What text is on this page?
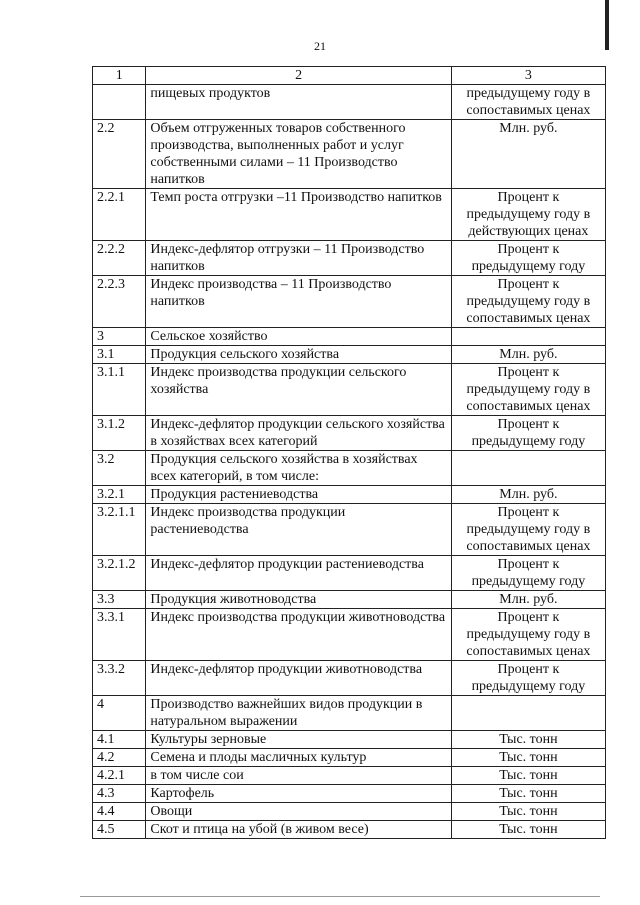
21
1	2	3
	пищевых продуктов	предыдущему году в сопоставимых ценах
2.2	Объем отгруженных товаров собственного производства, выполненных работ и услуг собственными силами – 11 Производство напитков	Млн. руб.
2.2.1	Темп роста отгрузки –11 Производство напитков	Процент к предыдущему году в действующих ценах
2.2.2	Индекс-дефлятор отгрузки – 11 Производство напитков	Процент к предыдущему году
2.2.3	Индекс производства – 11 Производство напитков	Процент к предыдущему году в сопоставимых ценах
3	Сельское хозяйство	
3.1	Продукция сельского хозяйства	Млн. руб.
3.1.1	Индекс производства продукции сельского хозяйства	Процент к предыдущему году в сопоставимых ценах
3.1.2	Индекс-дефлятор продукции сельского хозяйства в хозяйствах всех категорий	Процент к предыдущему году
3.2	Продукция сельского хозяйства в хозяйствах всех категорий, в том числе:	
3.2.1	Продукция растениеводства	Млн. руб.
3.2.1.1	Индекс производства продукции растениеводства	Процент к предыдущему году в сопоставимых ценах
3.2.1.2	Индекс-дефлятор продукции растениеводства	Процент к предыдущему году
3.3	Продукция животноводства	Млн. руб.
3.3.1	Индекс производства продукции животноводства	Процент к предыдущему году в сопоставимых ценах
3.3.2	Индекс-дефлятор продукции животноводства	Процент к предыдущему году
4	Производство важнейших видов продукции в натуральном выражении	
4.1	Культуры зерновые	Тыс. тонн
4.2	Семена и плоды масличных культур	Тыс. тонн
4.2.1	в том числе сои	Тыс. тонн
4.3	Картофель	Тыс. тонн
4.4	Овощи	Тыс. тонн
4.5	Скот и птица на убой (в живом весе)	Тыс. тонн
